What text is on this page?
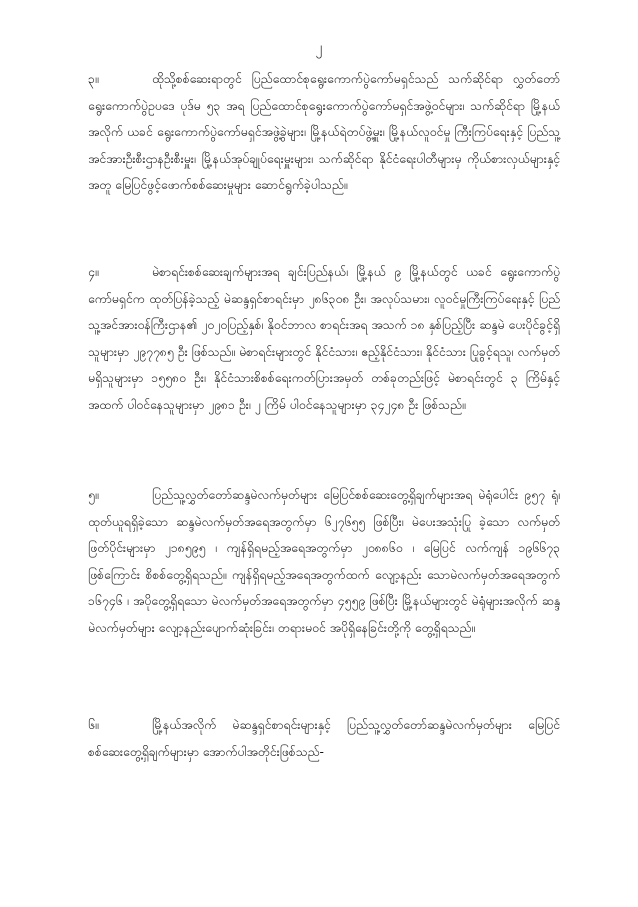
၂

၃။	ထိုသို့စစ်ဆေးရာတွင် ပြည်ထောင်စုရွေးကောက်ပွဲကော်မရှင်သည် သက်ဆိုင်ရာ လွှတ်တော် ရွေးကောက်ပွဲဥပဒေ ပုဒ်မ ၅၃ အရ ပြည်ထောင်စုရွေးကောက်ပွဲကော်မရှင်အဖွဲ့ဝင်များ၊ သက်ဆိုင်ရာ မြို့နယ်အလိုက် ယခင် ရွေးကောက်ပွဲကော်မရှင်အဖွဲ့ခွဲများ၊ မြို့နယ်ရဲတပ်ဖွဲ့မှူး၊ မြို့နယ်လူဝင်မှု ကြီးကြပ်ရေးနှင့် ပြည်သူ့အင်အားဦးစီးဌာနဦးစီးမှူး၊ မြို့နယ်အုပ်ချုပ်ရေးမှူးများ၊ သက်ဆိုင်ရာ နိုင်ငံရေးပါတီများမှ ကိုယ်စားလှယ်များနှင့်အတူ မြေပြင်ဖွင့်ဖောက်စစ်ဆေးမှုများ ဆောင်ရွက်ခဲ့ပါသည်။

၄။	မဲစာရင်းစစ်ဆေးချက်များအရ ချင်းပြည်နယ်၊ မြို့နယ် ၉ မြို့နယ်တွင် ယခင် ရွေးကောက်ပွဲ ကော်မရှင်က ထုတ်ပြန်ခဲ့သည့် မဲဆန္ဒရှင်စာရင်းမှာ ၂၈၆၃၀၈ ဦး၊ အလုပ်သမား၊ လူဝင်မှုကြီးကြပ်ရေးနှင့် ပြည်သူ့အင်အားဝန်ကြီးဌာန၏ ၂၀၂၀ပြည့်နှစ်၊ နိုဝင်ဘာလ စာရင်းအရ အသက် ၁၈ နှစ်ပြည့်ပြီး ဆန္ဒမဲ ပေးပိုင်ခွင့်ရှိသူများမှာ ၂၉၇၇၈၅ ဦး ဖြစ်သည်။ မဲစာရင်းများတွင် နိုင်ငံသား၊ ဧည့်နိုင်ငံသား၊ နိုင်ငံသား ပြုခွင့်ရသူ၊ လက်မှတ်မရှိသူများမှာ ၁၅၅၈၀ ဦး၊ နိုင်ငံသားစိစစ်ရေးကတ်ပြားအမှတ် တစ်ခုတည်းဖြင့် မဲစာရင်းတွင် ၃ ကြိမ်နှင့်အထက် ပါဝင်နေသူများမှာ ၂၉၈၁ ဦး၊ ၂ ကြိမ် ပါဝင်နေသူများမှာ ၃၄၂၄၈ ဦး ဖြစ်သည်။

၅။	ပြည်သူ့လွှတ်တော်ဆန္ဒမဲလက်မှတ်များ မြေပြင်စစ်ဆေးတွေ့ရှိချက်များအရ မဲရုံပေါင်း ၉၅၇ ရုံ၊ ထုတ်ယူရရှိခဲ့သော ဆန္ဒမဲလက်မှတ်အရေအတွက်မှာ ၆၂၇၆၅၅ ဖြစ်ပြီး၊ မဲပေးအသုံးပြု ခဲ့သော လက်မှတ်ဖြတ်ပိုင်းများမှာ ၂၁၈၅၉၅ ၊ ကျန်ရှိရမည့်အရေအတွက်မှာ ၂၀၈၈၆၀ ၊ မြေပြင် လက်ကျန် ၁၉၆၆၇၃ ဖြစ်ကြောင်း စိစစ်တွေ့ရှိရသည်။ ကျန်ရှိရမည့်အရေအတွက်ထက် လျော့နည်း သောမဲလက်မှတ်အရေအတွက် ၁၆၇၄၆ ၊ အပိုတွေ့ရှိရသော မဲလက်မှတ်အရေအတွက်မှာ ၄၅၅၉ ဖြစ်ပြီး မြို့နယ်များတွင် မဲရုံများအလိုက် ဆန္ဒမဲလက်မှတ်များ လျော့နည်းပျောက်ဆုံးခြင်း၊ တရားမဝင် အပိုရှိနေခြင်းတို့ကို တွေ့ရှိရသည်။

၆။	မြို့နယ်အလိုက် မဲဆန္ဒရှင်စာရင်းများနှင့် ပြည်သူ့လွှတ်တော်ဆန္ဒမဲလက်မှတ်များ မြေပြင် စစ်ဆေးတွေ့ရှိချက်များမှာ အောက်ပါအတိုင်းဖြစ်သည်-
